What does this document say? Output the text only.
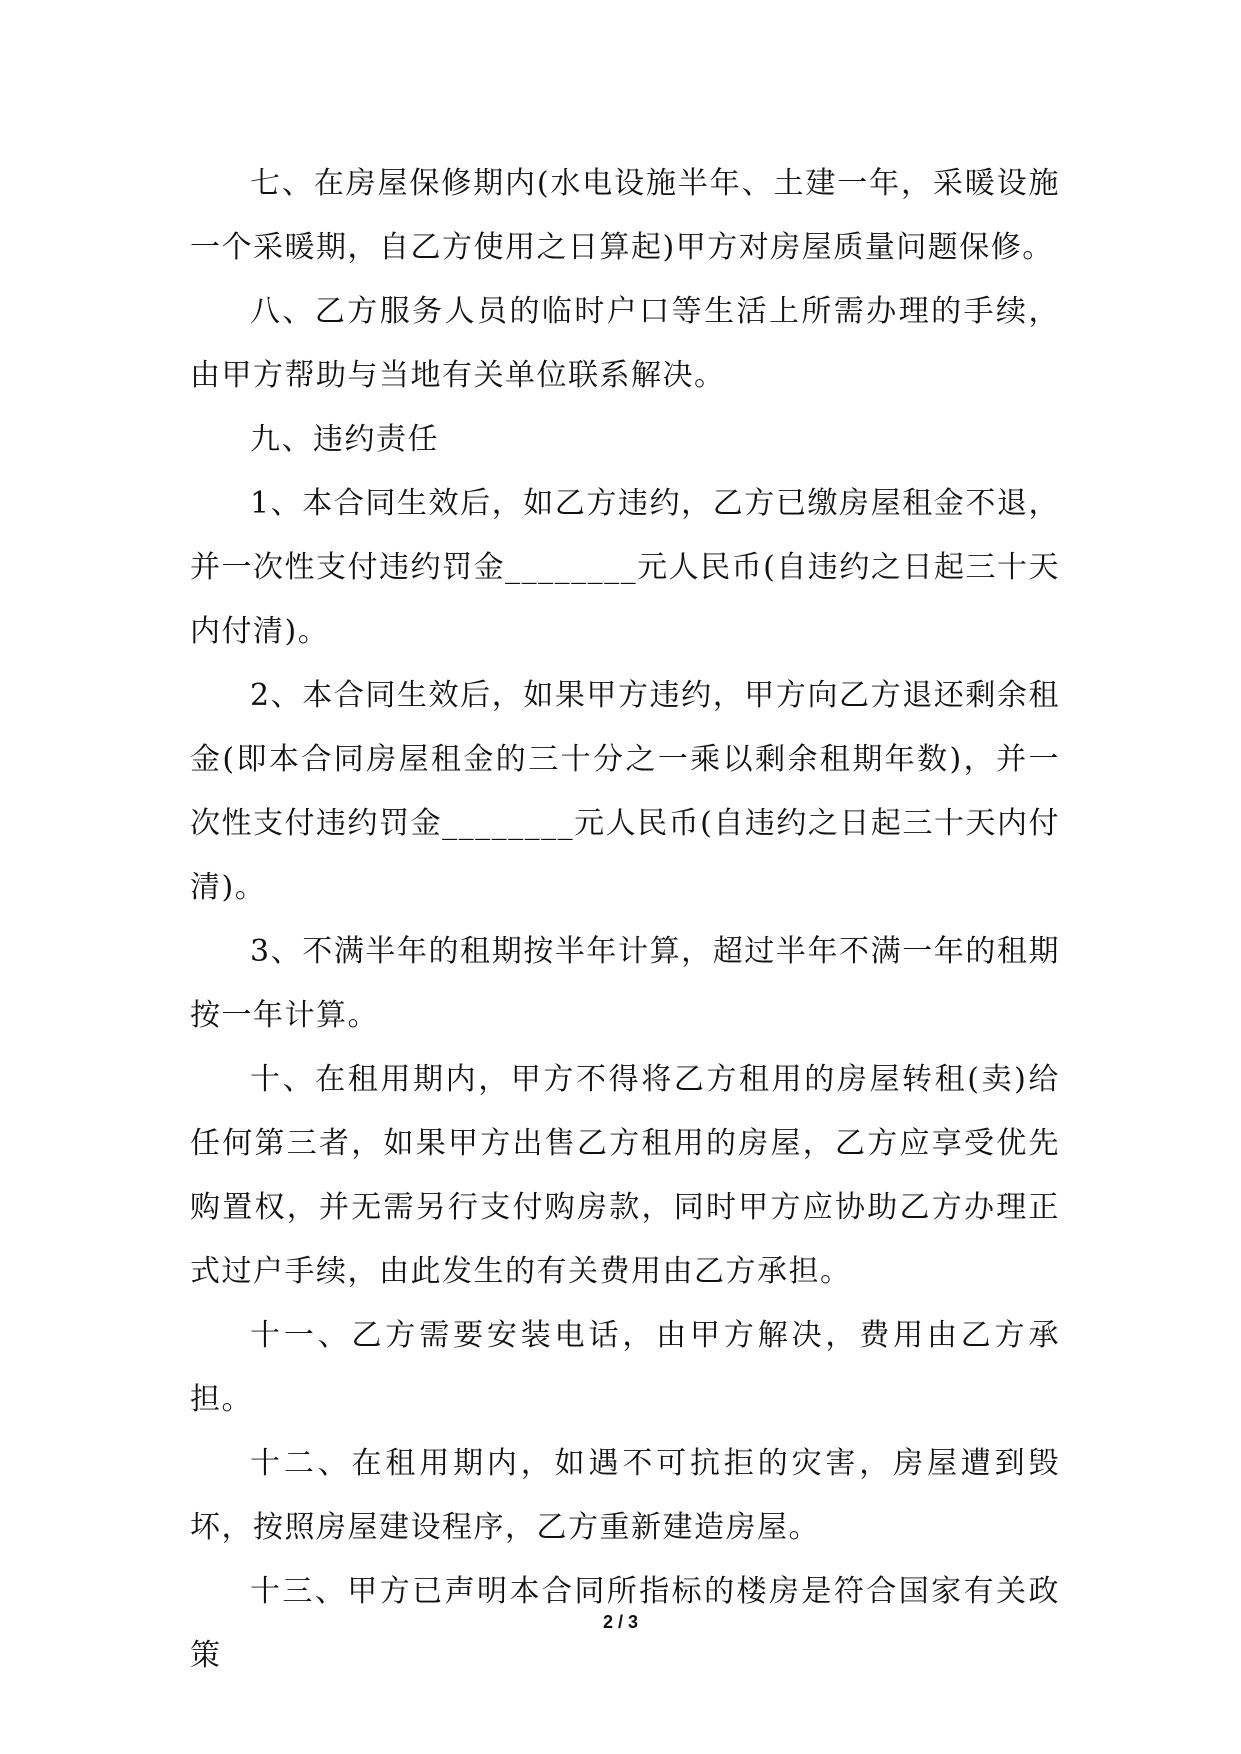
七、在房屋保修期内(水电设施半年、土建一年，采暖设施一个采暖期，自乙方使用之日算起)甲方对房屋质量问题保修。

八、乙方服务人员的临时户口等生活上所需办理的手续，由甲方帮助与当地有关单位联系解决。

九、违约责任

1、本合同生效后，如乙方违约，乙方已缴房屋租金不退，并一次性支付违约罚金________元人民币(自违约之日起三十天内付清)。

2、本合同生效后，如果甲方违约，甲方向乙方退还剩余租金(即本合同房屋租金的三十分之一乘以剩余租期年数)，并一次性支付违约罚金________元人民币(自违约之日起三十天内付清)。

3、不满半年的租期按半年计算，超过半年不满一年的租期按一年计算。

十、在租用期内，甲方不得将乙方租用的房屋转租(卖)给任何第三者，如果甲方出售乙方租用的房屋，乙方应享受优先购置权，并无需另行支付购房款，同时甲方应协助乙方办理正式过户手续，由此发生的有关费用由乙方承担。

十一、乙方需要安装电话，由甲方解决，费用由乙方承担。

十二、在租用期内，如遇不可抗拒的灾害，房屋遭到毁坏，按照房屋建设程序，乙方重新建造房屋。

十三、甲方已声明本合同所指标的楼房是符合国家有关政策

2 / 3
